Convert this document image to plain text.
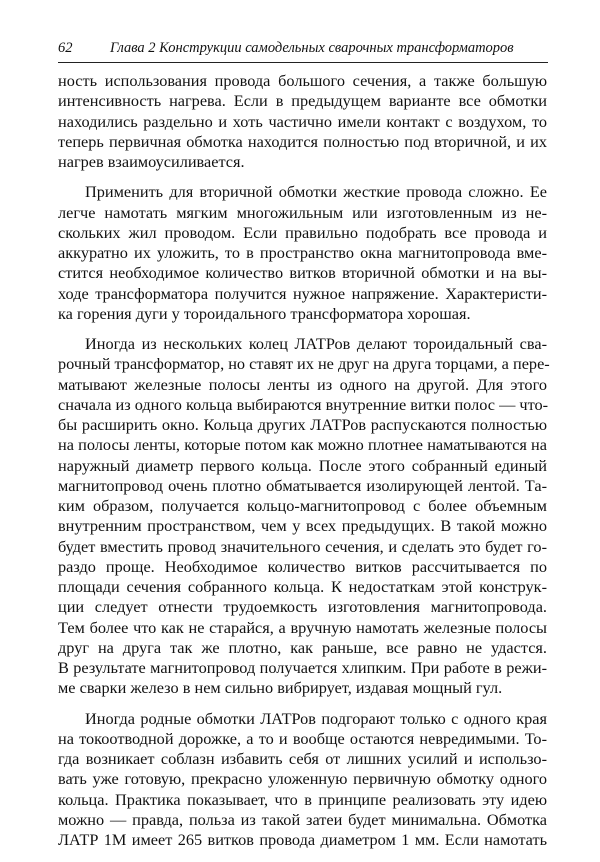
62	Глава 2 Конструкции самодельных сварочных трансформаторов

ность использования провода большого сечения, а также большую
интенсивность нагрева. Если в предыдущем варианте все обмотки
находились раздельно и хоть частично имели контакт с воздухом, то
теперь первичная обмотка находится полностью под вторичной, и их
нагрев взаимоусиливается.

Применить для вторичной обмотки жесткие провода сложно. Ее
легче намотать мягким многожильным или изготовленным из не-
скольких жил проводом. Если правильно подобрать все провода и
аккуратно их уложить, то в пространство окна магнитопровода вме-
стится необходимое количество витков вторичной обмотки и на вы-
ходе трансформатора получится нужное напряжение. Характеристи-
ка горения дуги у тороидального трансформатора хорошая.

Иногда из нескольких колец ЛАТРов делают тороидальный сва-
рочный трансформатор, но ставят их не друг на друга торцами, а пере-
матывают железные полосы ленты из одного на другой. Для этого
сначала из одного кольца выбираются внутренние витки полос — что-
бы расширить окно. Кольца других ЛАТРов распускаются полностью
на полосы ленты, которые потом как можно плотнее наматываются на
наружный диаметр первого кольца. После этого собранный единый
магнитопровод очень плотно обматывается изолирующей лентой. Та-
ким образом, получается кольцо-магнитопровод с более объемным
внутренним пространством, чем у всех предыдущих. В такой можно
будет вместить провод значительного сечения, и сделать это будет го-
раздо проще. Необходимое количество витков рассчитывается по
площади сечения собранного кольца. К недостаткам этой конструк-
ции следует отнести трудоемкость изготовления магнитопровода.
Тем более что как не старайся, а вручную намотать железные полосы
друг на друга так же плотно, как раньше, все равно не удастся.
В результате магнитопровод получается хлипким. При работе в режи-
ме сварки железо в нем сильно вибрирует, издавая мощный гул.

Иногда родные обмотки ЛАТРов подгорают только с одного края
на токоотводной дорожке, а то и вообще остаются невредимыми. То-
гда возникает соблазн избавить себя от лишних усилий и использо-
вать уже готовую, прекрасно уложенную первичную обмотку одного
кольца. Практика показывает, что в принципе реализовать эту идею
можно — правда, польза из такой затеи будет минимальна. Обмотка
ЛАТР 1М имеет 265 витков провода диаметром 1 мм. Если намотать
